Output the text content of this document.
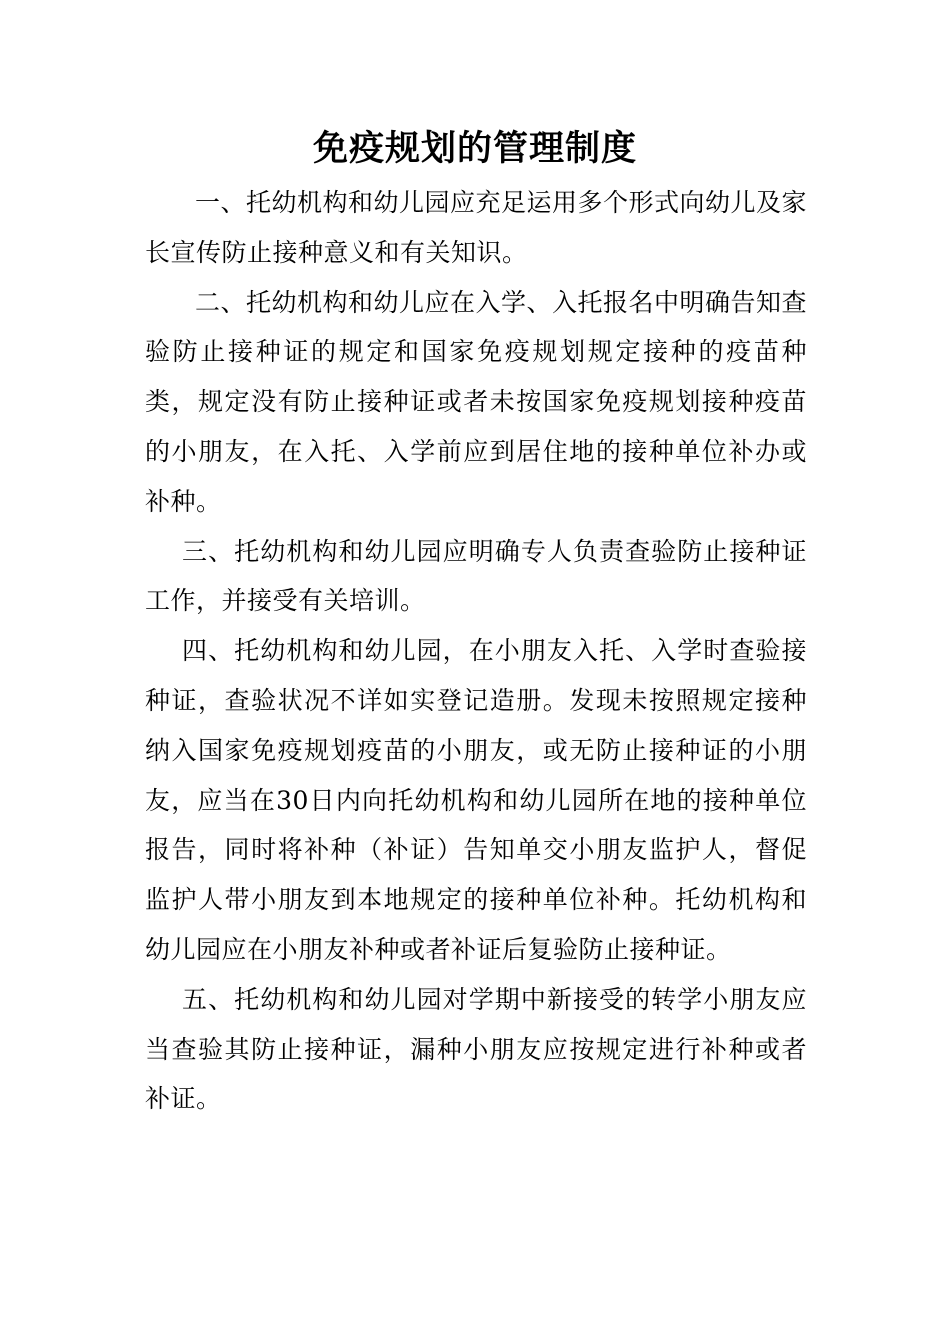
免疫规划的管理制度

一、托幼机构和幼儿园应充足运用多个形式向幼儿及家长宣传防止接种意义和有关知识。

二、托幼机构和幼儿应在入学、入托报名中明确告知查验防止接种证的规定和国家免疫规划规定接种的疫苗种类，规定没有防止接种证或者未按国家免疫规划接种疫苗的小朋友，在入托、入学前应到居住地的接种单位补办或补种。

三、托幼机构和幼儿园应明确专人负责查验防止接种证工作，并接受有关培训。

四、托幼机构和幼儿园，在小朋友入托、入学时查验接种证，查验状况不详如实登记造册。发现未按照规定接种纳入国家免疫规划疫苗的小朋友，或无防止接种证的小朋友，应当在30日内向托幼机构和幼儿园所在地的接种单位报告，同时将补种（补证）告知单交小朋友监护人，督促监护人带小朋友到本地规定的接种单位补种。托幼机构和幼儿园应在小朋友补种或者补证后复验防止接种证。

五、托幼机构和幼儿园对学期中新接受的转学小朋友应当查验其防止接种证，漏种小朋友应按规定进行补种或者补证。
